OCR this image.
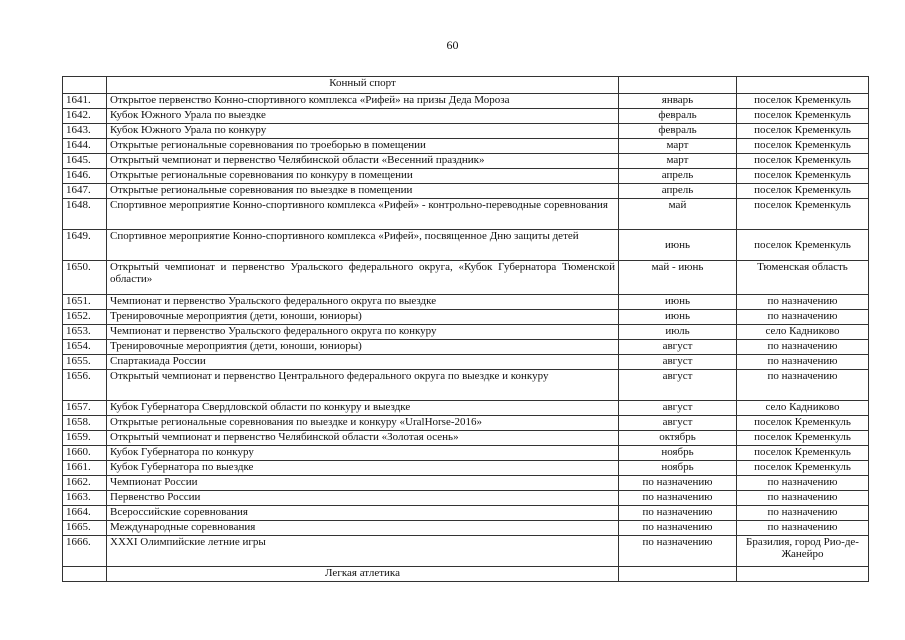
60
	Конный спорт		
1641.	Открытое первенство Конно-спортивного комплекса «Рифей» на призы Деда Мороза	январь	поселок Кременкуль
1642.	Кубок Южного Урала по выездке	февраль	поселок Кременкуль
1643.	Кубок Южного Урала по конкуру	февраль	поселок Кременкуль
1644.	Открытые региональные соревнования по троеборью в помещении	март	поселок Кременкуль
1645.	Открытый чемпионат и первенство Челябинской области «Весенний праздник»	март	поселок Кременкуль
1646.	Открытые региональные соревнования по конкуру в помещении	апрель	поселок Кременкуль
1647.	Открытые региональные соревнования по выездке в помещении	апрель	поселок Кременкуль
1648.	Спортивное мероприятие Конно-спортивного комплекса «Рифей» - контрольно-переводные соревнования	май	поселок Кременкуль
1649.	Спортивное мероприятие Конно-спортивного комплекса «Рифей», посвященное Дню защиты детей	июнь	поселок Кременкуль
1650.	Открытый чемпионат и первенство Уральского федерального округа, «Кубок Губернатора Тюменской области»	май - июнь	Тюменская область
1651.	Чемпионат и первенство Уральского федерального округа по выездке	июнь	по назначению
1652.	Тренировочные мероприятия (дети, юноши, юниоры)	июнь	по назначению
1653.	Чемпионат и первенство Уральского федерального округа по конкуру	июль	село Кадниково
1654.	Тренировочные мероприятия (дети, юноши, юниоры)	август	по назначению
1655.	Спартакиада России	август	по назначению
1656.	Открытый чемпионат и первенство Центрального федерального округа по выездке и конкуру	август	по назначению
1657.	Кубок Губернатора Свердловской области по конкуру и выездке	август	село Кадниково
1658.	Открытые региональные соревнования по выездке и конкуру «UralHorse-2016»	август	поселок Кременкуль
1659.	Открытый чемпионат и первенство Челябинской области «Золотая осень»	октябрь	поселок Кременкуль
1660.	Кубок Губернатора по конкуру	ноябрь	поселок Кременкуль
1661.	Кубок Губернатора по выездке	ноябрь	поселок Кременкуль
1662.	Чемпионат России	по назначению	по назначению
1663.	Первенство России	по назначению	по назначению
1664.	Всероссийские соревнования	по назначению	по назначению
1665.	Международные соревнования	по назначению	по назначению
1666.	XXXI Олимпийские летние игры	по назначению	Бразилия, город Рио-де-Жанейро
	Легкая атлетика		
